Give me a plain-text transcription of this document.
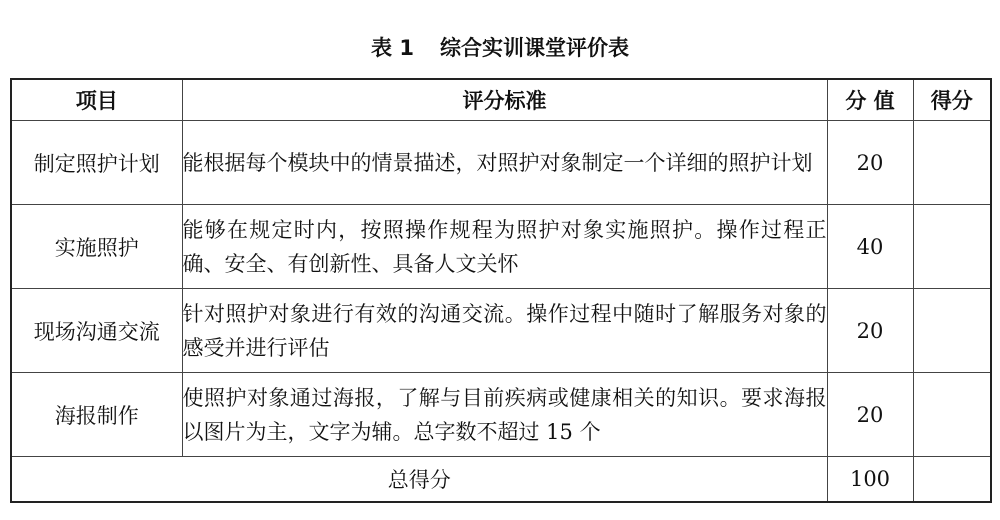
表 1 综合实训课堂评价表
项目	评分标准	分 值	得分
制定照护计划	能根据每个模块中的情景描述，对照护对象制定一个详细的照护计划	20	
实施照护	能够在规定时内，按照操作规程为照护对象实施照护。操作过程正确、安全、有创新性、具备人文关怀	40	
现场沟通交流	针对照护对象进行有效的沟通交流。操作过程中随时了解服务对象的感受并进行评估	20	
海报制作	使照护对象通过海报，了解与目前疾病或健康相关的知识。要求海报以图片为主，文字为辅。总字数不超过 15 个	20	
总得分		100	
